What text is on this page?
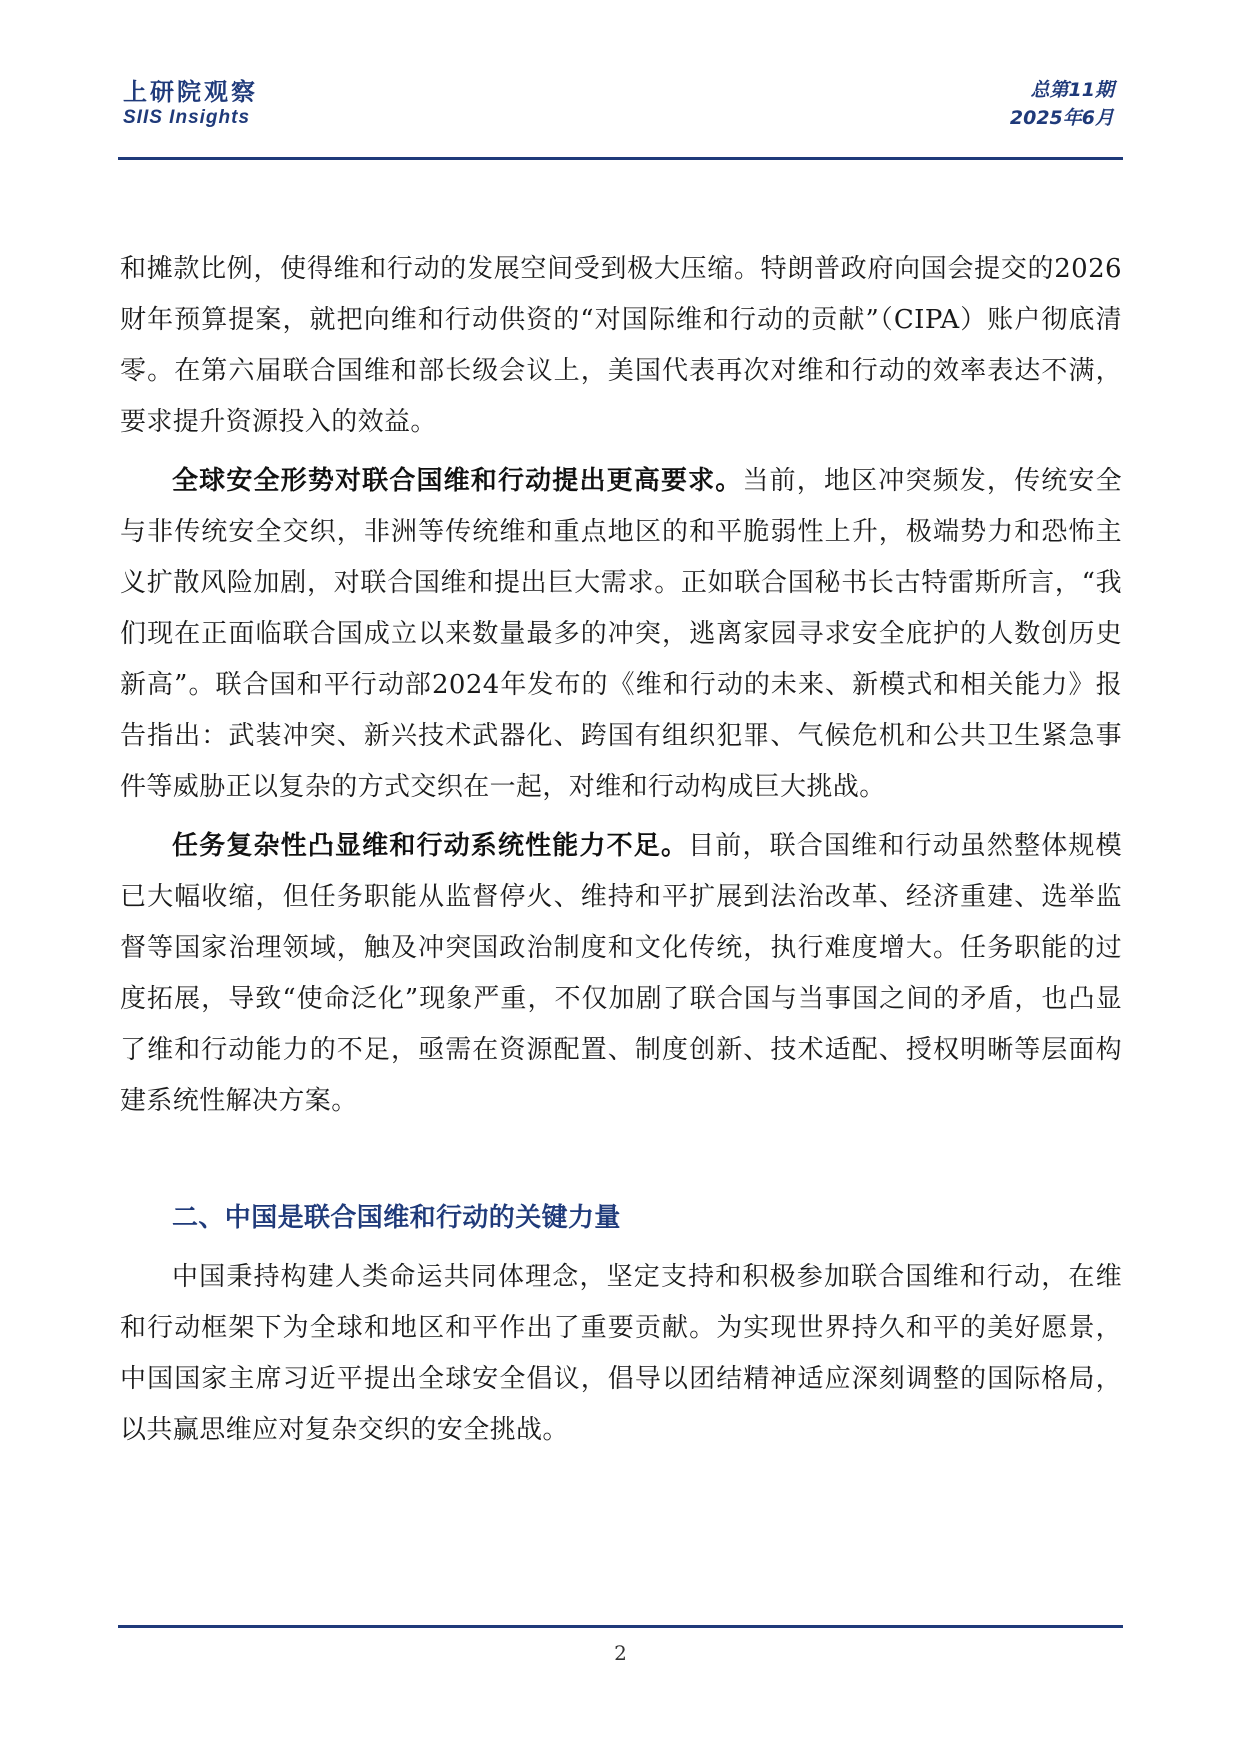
上研院观察
SIIS Insights
总第11期
2025年6月

和摊款比例，使得维和行动的发展空间受到极大压缩。特朗普政府向国会提交的2026财年预算提案，就把向维和行动供资的“对国际维和行动的贡献”（CIPA）账户彻底清零。在第六届联合国维和部长级会议上，美国代表再次对维和行动的效率表达不满，要求提升资源投入的效益。

全球安全形势对联合国维和行动提出更高要求。当前，地区冲突频发，传统安全与非传统安全交织，非洲等传统维和重点地区的和平脆弱性上升，极端势力和恐怖主义扩散风险加剧，对联合国维和提出巨大需求。正如联合国秘书长古特雷斯所言，“我们现在正面临联合国成立以来数量最多的冲突，逃离家园寻求安全庇护的人数创历史新高”。联合国和平行动部2024年发布的《维和行动的未来、新模式和相关能力》报告指出：武装冲突、新兴技术武器化、跨国有组织犯罪、气候危机和公共卫生紧急事件等威胁正以复杂的方式交织在一起，对维和行动构成巨大挑战。

任务复杂性凸显维和行动系统性能力不足。目前，联合国维和行动虽然整体规模已大幅收缩，但任务职能从监督停火、维持和平扩展到法治改革、经济重建、选举监督等国家治理领域，触及冲突国政治制度和文化传统，执行难度增大。任务职能的过度拓展，导致“使命泛化”现象严重，不仅加剧了联合国与当事国之间的矛盾，也凸显了维和行动能力的不足，亟需在资源配置、制度创新、技术适配、授权明晰等层面构建系统性解决方案。

二、中国是联合国维和行动的关键力量

中国秉持构建人类命运共同体理念，坚定支持和积极参加联合国维和行动，在维和行动框架下为全球和地区和平作出了重要贡献。为实现世界持久和平的美好愿景，中国国家主席习近平提出全球安全倡议，倡导以团结精神适应深刻调整的国际格局，以共赢思维应对复杂交织的安全挑战。

2
